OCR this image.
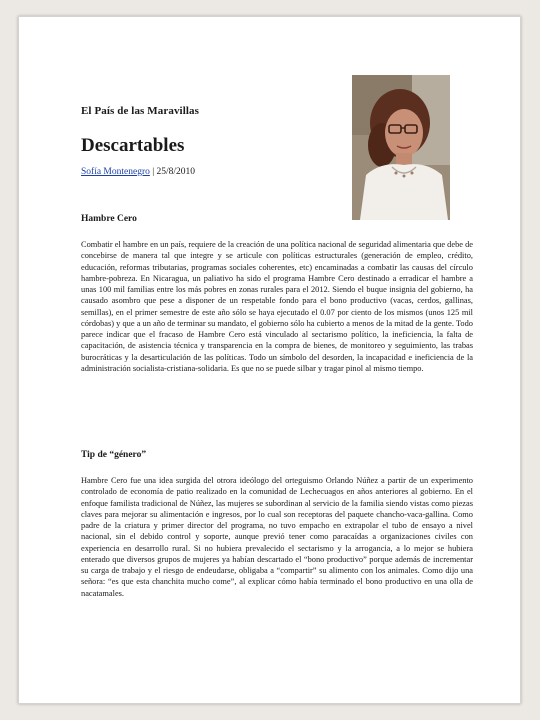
El País de las Maravillas
Descartables
Sofía Montenegro | 25/8/2010
Hambre Cero

Combatir el hambre en un país, requiere de la creación de una política nacional de seguridad alimentaria que debe de concebirse de manera tal que integre y se articule con políticas estructurales (generación de empleo, crédito, educación, reformas tributarias, programas sociales coherentes, etc) encaminadas a combatir las causas del círculo hambre-pobreza. En Nicaragua, un paliativo ha sido el programa Hambre Cero destinado a erradicar el hambre a unas 100 mil familias entre los más pobres en zonas rurales para el 2012. Siendo el buque insignia del gobierno, ha causado asombro que pese a disponer de un respetable fondo para el bono productivo (vacas, cerdos, gallinas, semillas), en el primer semestre de este año sólo se haya ejecutado el 0.07 por ciento de los mismos (unos 125 mil córdobas) y que a un año de terminar su mandato, el gobierno sólo ha cubierto a menos de la mitad de la gente. Todo parece indicar que el fracaso de Hambre Cero está vinculado al sectarismo político, la ineficiencia, la falta de capacitación, de asistencia técnica y transparencia en la compra de bienes, de monitoreo y seguimiento, las trabas burocráticas y la desarticulación de las políticas. Todo un símbolo del desorden, la incapacidad e ineficiencia de la administración socialista-cristiana-solidaria. Es que no se puede silbar y tragar pinol al mismo tiempo.

Tip de “género”

Hambre Cero fue una idea surgida del otrora ideólogo del orteguismo Orlando Núñez a partir de un experimento controlado de economía de patio realizado en la comunidad de Lechecuagos en años anteriores al gobierno. En el enfoque familista tradicional de Núñez, las mujeres se subordinan al servicio de la familia siendo vistas como piezas claves para mejorar su alimentación e ingresos, por lo cual son receptoras del paquete chancho-vaca-gallina. Como padre de la criatura y primer director del programa, no tuvo empacho en extrapolar el tubo de ensayo a nivel nacional, sin el debido control y soporte, aunque previó tener como paracaídas a organizaciones civiles con experiencia en desarrollo rural. Si no hubiera prevalecido el sectarismo y la arrogancia, a lo mejor se hubiera enterado que diversos grupos de mujeres ya habían descartado el “bono productivo” porque además de incrementar su carga de trabajo y el riesgo de endeudarse, obligaba a “compartir” su alimento con los animales. Como dijo una señora: “es que esta chanchita mucho come”, al explicar cómo había terminado el bono productivo en una olla de nacatamales.
